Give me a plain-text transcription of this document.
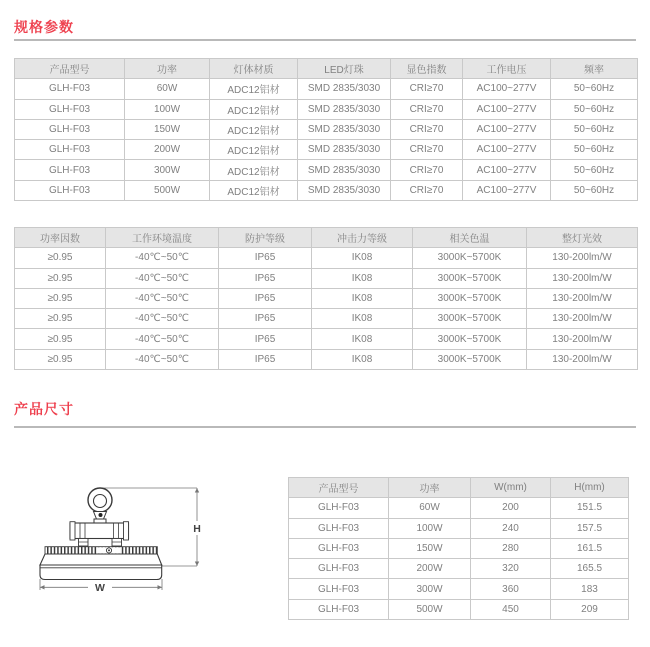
规格参数
产品型号	功率	灯体材质	LED灯珠	显色指数	工作电压	频率
GLH-F03	60W	ADC12铝材	SMD 2835/3030	CRI≥70	AC100~277V	50~60Hz
GLH-F03	100W	ADC12铝材	SMD 2835/3030	CRI≥70	AC100~277V	50~60Hz
GLH-F03	150W	ADC12铝材	SMD 2835/3030	CRI≥70	AC100~277V	50~60Hz
GLH-F03	200W	ADC12铝材	SMD 2835/3030	CRI≥70	AC100~277V	50~60Hz
GLH-F03	300W	ADC12铝材	SMD 2835/3030	CRI≥70	AC100~277V	50~60Hz
GLH-F03	500W	ADC12铝材	SMD 2835/3030	CRI≥70	AC100~277V	50~60Hz
功率因数	工作环境温度	防护等级	冲击力等级	相关色温	整灯光效
≥0.95	-40℃~50℃	IP65	IK08	3000K~5700K	130-200lm/W
≥0.95	-40℃~50℃	IP65	IK08	3000K~5700K	130-200lm/W
≥0.95	-40℃~50℃	IP65	IK08	3000K~5700K	130-200lm/W
≥0.95	-40℃~50℃	IP65	IK08	3000K~5700K	130-200lm/W
≥0.95	-40℃~50℃	IP65	IK08	3000K~5700K	130-200lm/W
≥0.95	-40℃~50℃	IP65	IK08	3000K~5700K	130-200lm/W
产品尺寸
H
W
产品型号	功率	W(mm)	H(mm)
GLH-F03	60W	200	151.5
GLH-F03	100W	240	157.5
GLH-F03	150W	280	161.5
GLH-F03	200W	320	165.5
GLH-F03	300W	360	183
GLH-F03	500W	450	209
